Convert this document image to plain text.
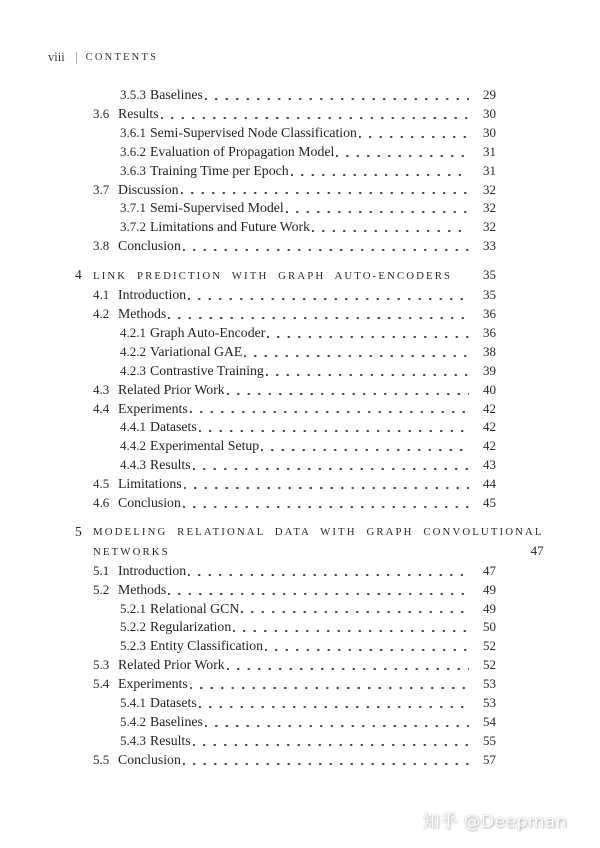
viii CONTENTS
3.5.3 Baselines	29
3.6 Results	30
3.6.1 Semi-Supervised Node Classification	30
3.6.2 Evaluation of Propagation Model	31
3.6.3 Training Time per Epoch	31
3.7 Discussion	32
3.7.1 Semi-Supervised Model	32
3.7.2 Limitations and Future Work	32
3.8 Conclusion	33
4	LINK PREDICTION WITH GRAPH AUTO-ENCODERS 35
4.1 Introduction	35
4.2 Methods	36
4.2.1 Graph Auto-Encoder	36
4.2.2 Variational GAE	38
4.2.3 Contrastive Training	39
4.3 Related Prior Work	40
4.4 Experiments	42
4.4.1 Datasets	42
4.4.2 Experimental Setup	42
4.4.3 Results	43
4.5 Limitations	44
4.6 Conclusion	45
5	MODELING RELATIONAL DATA WITH GRAPH CONVOLUTIONAL
NETWORKS	47
5.1 Introduction	47
5.2 Methods	49
5.2.1 Relational GCN	49
5.2.2 Regularization	50
5.2.3 Entity Classification	52
5.3 Related Prior Work	52
5.4 Experiments	53
5.4.1 Datasets	53
5.4.2 Baselines	54
5.4.3 Results	55
5.5 Conclusion	57
知乎 @Deepman
